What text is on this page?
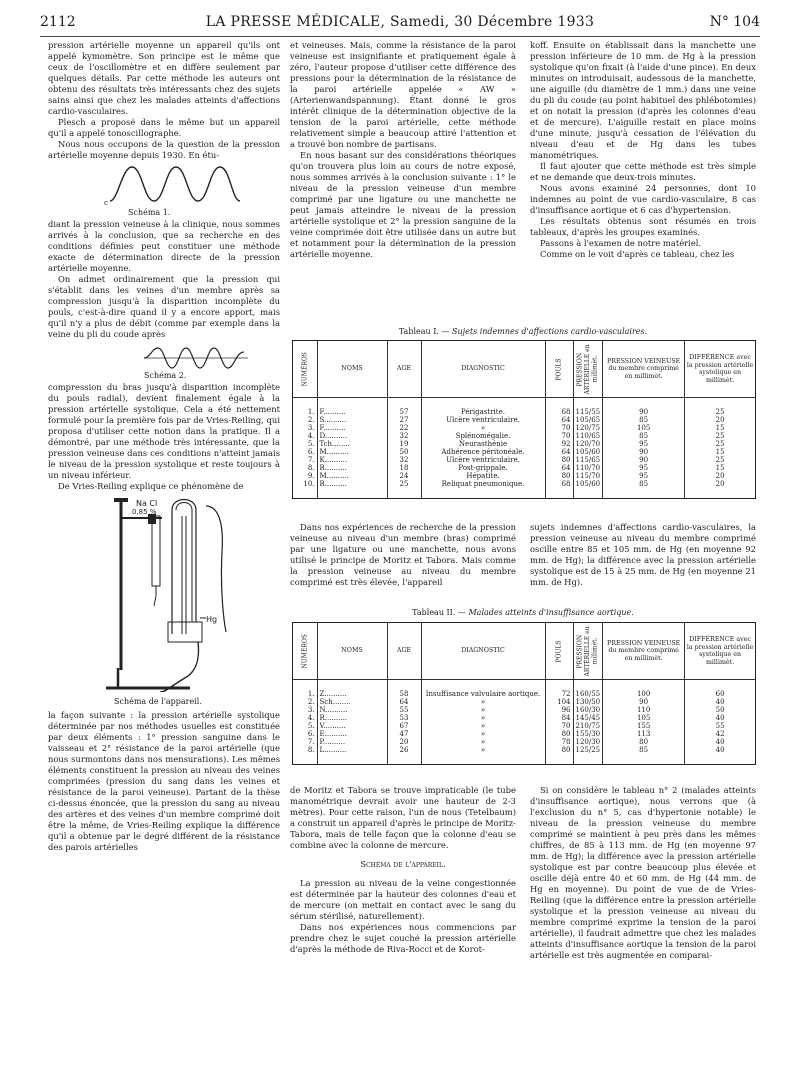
2112	LA PRESSE MÉDICALE, Samedi, 30 Décembre 1933	N° 104

pression artérielle moyenne un appareil qu'ils ont appelé kymomètre. Son principe est le même que ceux de l'oscillomètre et en diffère seulement par quelques détails. Par cette méthode les auteurs ont obtenu des résultats très intéressants chez des sujets sains ainsi que chez les malades atteints d'affections cardio-vasculaires.

Plesch a proposé dans le même but un appareil qu'il a appelé tonoscillographe.

Nous nous occupons de la question de la pression artérielle moyenne depuis 1930. En étu-

c
Schéma 1.

diant la pression veineuse à la clinique, nous sommes arrivés à la conclusion, que sa recherche en des conditions définies peut constituer une méthode exacte de détermination directe de la pression artérielle moyenne.

On admet ordinairement que la pression qui s'établit dans les veines d'un membre après sa compression jusqu'à la disparition incomplète du pouls, c'est-à-dire quand il y a encore apport, mais qu'il n'y a plus de débit (comme par exemple dans la veine du pli du coude après

Schéma 2.

compression du bras jusqu'à disparition incomplète du pouls radial), devient finalement égale à la pression artérielle systolique. Cela a été nettement formulé pour la première fois par de Vries-Reiling, qui proposa d'utiliser cette notion dans la pratique. Il a démontré, par une méthode très intéressante, que la pression veineuse dans ces conditions n'atteint jamais le niveau de la pression systolique et reste toujours à un niveau inférieur.

De Vries-Reiling explique ce phénomène de

Na Cl
0,85 %
Hg
Schéma de l'appareil.

la façon suivante : la pression artérielle systolique déterminée par nos méthodes usuelles est constituée par deux éléments : 1° pression sanguine dans le vaisseau et 2° résistance de la paroi artérielle (que nous surmontons dans nos mensurations). Les mêmes éléments constituent la pression au niveau des veines comprimées (pression du sang dans les veines et résistance de la paroi veineuse). Partant de la thèse ci-dessus énoncée, que la pression du sang au niveau des artères et des veines d'un membre comprimé doit être la même, de Vries-Reiling explique la différence qu'il a obtenue par le degré différent de la résistance des parois artérielles

et veineuses. Mais, comme la résistance de la paroi veineuse est insignifiante et pratiquement égale à zéro, l'auteur propose d'utiliser cette différence des pressions pour la détermination de la résistance de la paroi artérielle appelée « AW » (Arterienwandspannung). Étant donné le gros intérêt clinique de la détermination objective de la tension de la paroi artérielle, cette méthode relativement simple a beaucoup attiré l'attention et a trouvé bon nombre de partisans.

En nous basant sur des considérations théoriques qu'on trouvera plus loin au cours de notre exposé, nous sommes arrivés à la conclusion suivante : 1° le niveau de la pression veineuse d'un membre comprimé par une ligature ou une manchette ne peut jamais atteindre le niveau de la pression artérielle systolique et 2° la pression sanguine de la veine comprimée doit être utilisée dans un autre but et notamment pour la détermination de la pression artérielle moyenne.

koff. Ensuite on établissait dans la manchette une pression inférieure de 10 mm. de Hg à la pression systolique qu'on fixait (à l'aide d'une pince). En deux minutes on introduisait, audessous de la manchette, une aiguille (du diamètre de 1 mm.) dans une veine du pli du coude (au point habituel des phlébotomies) et on notait la pression (d'après les colonnes d'eau et de mercure). L'aiguille restait en place moins d'une minute, jusqu'à cessation de l'élévation du niveau d'eau et de Hg dans les tubes manométriques.

Il faut ajouter que cette méthode est très simple et ne demande que deux-trois minutes.

Nous avons examiné 24 personnes, dont 10 indemnes au point de vue cardio-vasculaire, 8 cas d'insuffisance aortique et 6 cas d'hypertension.

Les résultats obtenus sont résumés en trois tableaux, d'après les groupes examinés.

Passons à l'examen de notre matériel.

Comme on le voit d'après ce tableau, chez les

Tableau I. — Sujets indemnes d'affections cardio-vasculaires.
NUMÉROS	NOMS	AGE	DIAGNOSTIC	POULS	PRESSION ARTÉRIELLE en millimèt.	PRESSION VEINEUSE du membre comprimé en millimèt.	DIFFÉRENCE avec la pression artérielle systolique en millimèt.

1.	F..........	57	Périgastrite.	68	115/55	90	25
2.	S..........	27	Ulcère ventriculaire.	64	105/65	85	20
3.	F..........	22	»	70	120/75	105	15
4.	D..........	32	Splénomégalie.	70	110/65	85	25
5.	Tch........	19	Neurasthénie	92	120/70	95	25
6.	M..........	50	Adhérence péritonéale.	64	105/60	90	15
7.	K..........	32	Ulcère ventriculaire.	80	115/65	90	25
8.	B..........	18	Post-grippale.	64	110/70	95	15
9.	M..........	24	Hépatite.	80	115/70	95	20
10.	B..........	25	Reliquat pneumonique.	68	105/60	85	20

Dans nos expériences de recherche de la pression veineuse au niveau d'un membre (bras) comprimé par une ligature ou une manchette, nous avons utilisé le principe de Moritz et Tabora. Mais comme la pression veineuse au niveau du membre comprimé est très élevée, l'appareil

sujets indemnes d'affections cardio-vasculaires, la pression veineuse au niveau du membre comprimé oscille entre 85 et 105 mm. de Hg (en moyenne 92 mm. de Hg); la différence avec la pression artérielle systolique est de 15 à 25 mm. de Hg (en moyenne 21 mm. de Hg).

Tableau II. — Malades atteints d'insuffisance aortique.
NUMÉROS	NOMS	AGE	DIAGNOSTIC	POULS	PRESSION ARTÉRIELLE en millimèt.	PRESSION VEINEUSE du membre comprimé en millimèt.	DIFFÉRENCE avec la pression artérielle systolique en millimèt.

1.	Z..........	58	Insuffisance valvulaire aortique.	72	160/55	100	60
2.	Sch........	64	»	104	130/50	90	40
3.	N..........	55	»	96	160/30	110	50
4.	R..........	53	»	84	145/45	105	40
5.	V..........	67	»	70	210/75	155	55
6.	E..........	47	»	80	155/30	113	42
7.	P..........	20	»	78	120/30	80	40
8.	L..........	26	»	80	125/25	85	40

de Moritz et Tabora se trouve impraticable (le tube manométrique devrait avoir une hauteur de 2-3 mètres). Pour cette raison, l'un de nous (Tetelbaum) a construit un appareil d'après le principe de Moritz-Tabora, mais de telle façon que la colonne d'eau se combine avec la colonne de mercure.

Schéma de l'appareil.

La pression au niveau de la veine congestionnée est déterminée par la hauteur des colonnes d'eau et de mercure (on mettait en contact avec le sang du sérum stérilisé, naturellement).

Dans nos expériences nous commencions par prendre chez le sujet couché la pression artérielle d'après la méthode de Riva-Rocci et de Korot-

Si on considère le tableau n° 2 (malades atteints d'insuffisance aortique), nous verrons que (à l'exclusion du n° 5, cas d'hypertonie notable) le niveau de la pression veineuse du membre comprimé se maintient à peu près dans les mêmes chiffres, de 85 à 113 mm. de Hg (en moyenne 97 mm. de Hg); la différence avec la pression artérielle systolique est par contre beaucoup plus élevée et oscille déjà entre 40 et 60 mm. de Hg (44 mm. de Hg en moyenne). Du point de vue de de Vries-Reiling (que la différence entre la pression artérielle systolique et la pression veineuse au niveau du membre comprimé exprime la tension de la paroi artérielle), il faudrait admettre que chez les malades atteints d'insuffisance aortique la tension de la paroi artérielle est très augmentée en comparai-
